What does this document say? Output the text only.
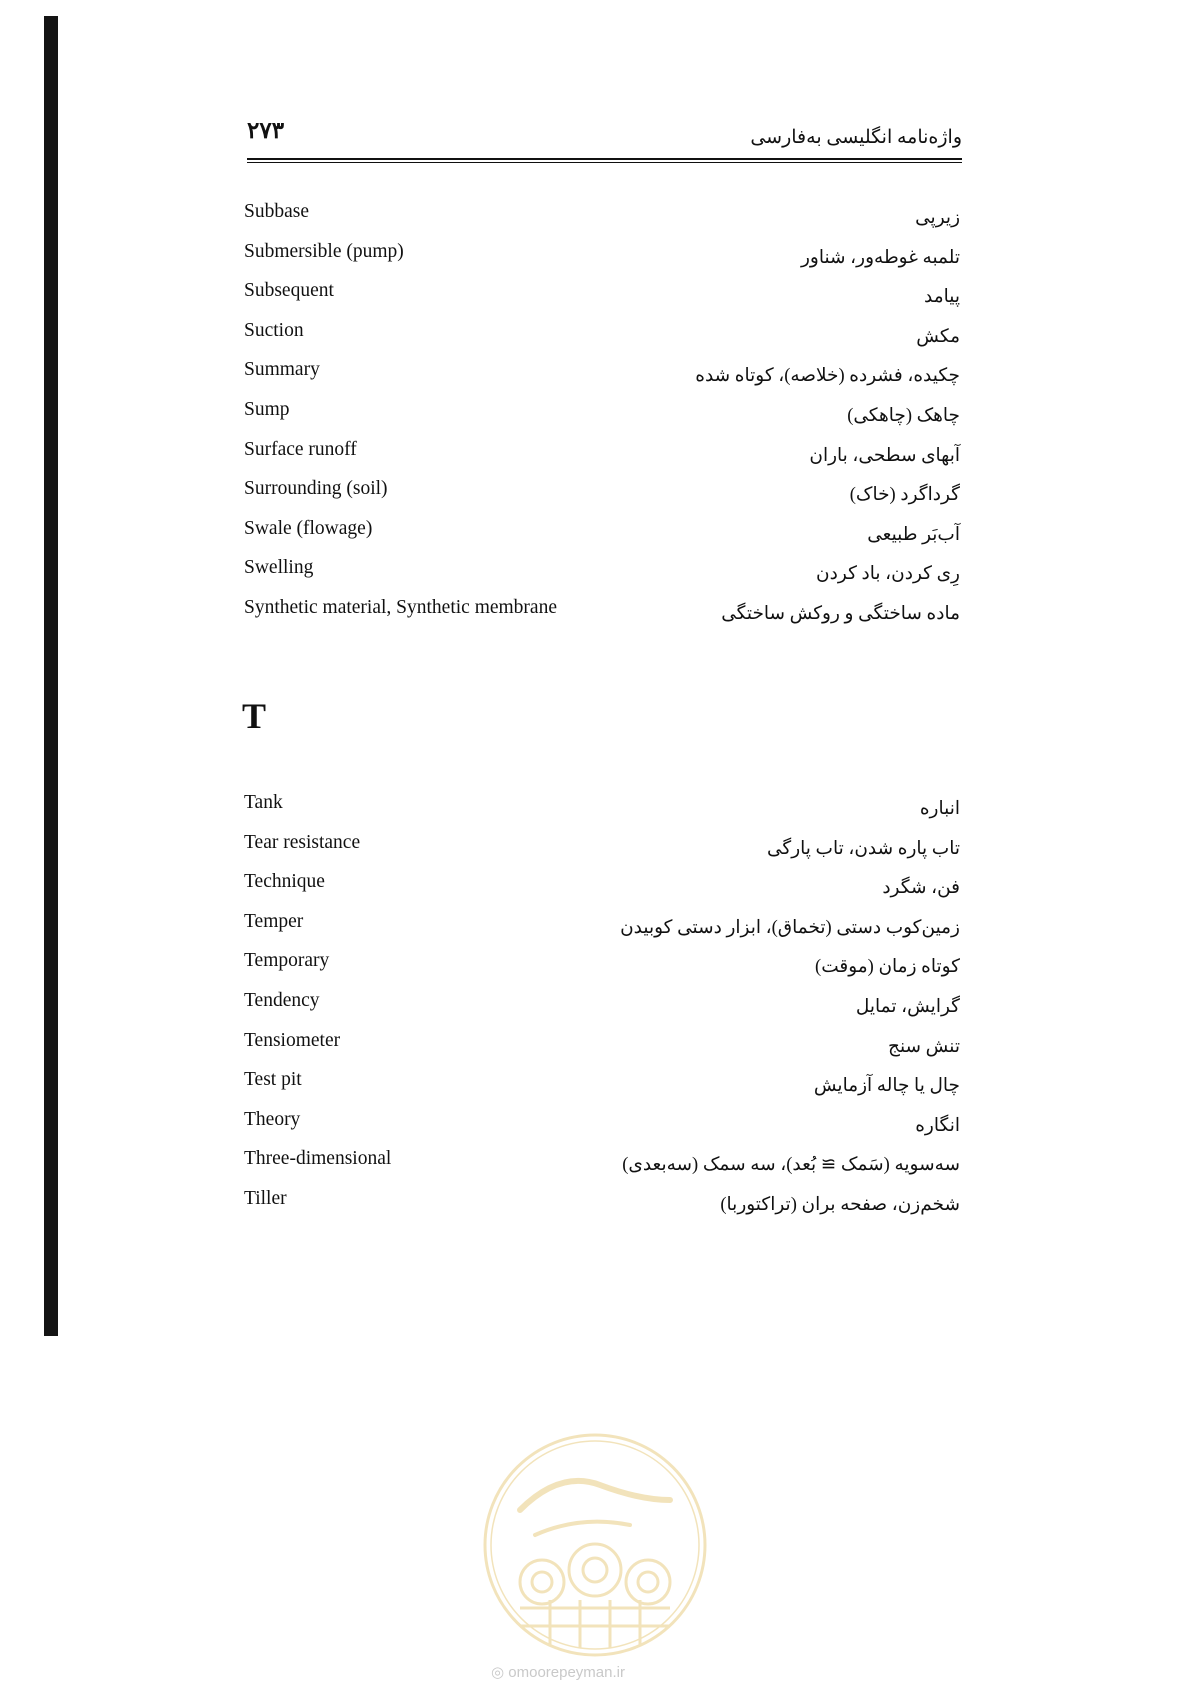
۲۷۳	واژه‌نامه انگلیسی به‌فارسی
Subbase	زیرپی
Submersible (pump)	تلمبه غوطه‌ور، شناور
Subsequent	پیامد
Suction	مکش
Summary	چکیده، فشرده (خلاصه)، کوتاه شده
Sump	چاهک (چاهکی)
Surface runoff	آبهای سطحی، باران
Surrounding (soil)	گرداگرد (خاک)
Swale (flowage)	آب‌بَر طبیعی
Swelling	رِی کردن، باد کردن
Synthetic material, Synthetic membrane	ماده ساختگی و روکش ساختگی
T
Tank	انباره
Tear resistance	تاب پاره شدن، تاب پارگی
Technique	فن، شگرد
Temper	زمین‌کوب دستی (تخماق)، ابزار دستی کوبیدن
Temporary	کوتاه زمان (موقت)
Tendency	گرایش، تمایل
Tensiometer	تنش سنج
Test pit	چال یا چاله آزمایش
Theory	انگاره
Three-dimensional	سه‌سویه (سَمک ≅ بُعد)، سه سمک (سه‌بعدی)
Tiller	شخم‌زن، صفحه بران (تراکتوربا)
◎ omoorepeyman.ir
